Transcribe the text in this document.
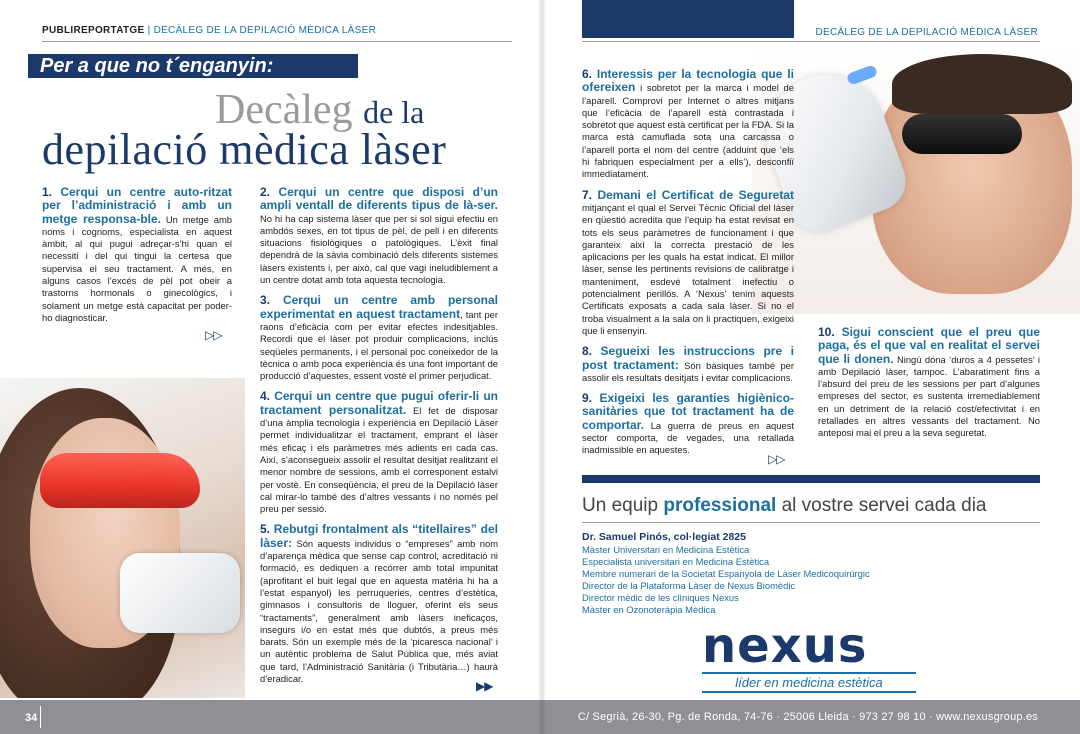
PUBLIREPORTATGE | DECÀLEG DE LA DEPILACIÓ MÈDICA LÀSER
Per a que no t´enganyin:
Decàleg de la
depilació mèdica làser
1. Cerqui un centre auto-ritzat per l’administració i amb un metge responsa-ble. Un metge amb noms i cognoms, especialista en aquest àmbit, al qui pugui adreçar-s’hi quan el necessiti i del qui tingui la certesa que supervisa el seu tractament. A més, en alguns casos l’excés de pèl pot obeir a trastorns hormonals o ginecològics, i solament un metge està capacitat per poder-ho diagnosticar.
▷▷
2. Cerqui un centre que disposi d’un ampli ventall de diferents tipus de là-ser. No hi ha cap sistema làser que per si sol sigui efectiu en ambdós sexes, en tot tipus de pèl, de pell i en diferents situacions fisiològiques o patològiques. L’èxit final dependrà de la sàvia combinació dels diferents sistemes làsers existents i, per això, cal que vagi ineludiblement a un centre dotat amb tota aquesta tecnologia.
3. Cerqui un centre amb personal experimentat en aquest tractament, tant per raons d’eficàcia com per evitar efectes indesitjables. Recordi que el làser pot produir complicacions, inclús seqüeles permanents, i el personal poc coneixedor de la tècnica o amb poca experiència és una font important de producció d’aquestes, essent vostè el primer perjudicat.
4. Cerqui un centre que pugui oferir-li un tractament personalitzat. El fet de disposar d’una àmplia tecnologia i experiència en Depilació Làser permet individualitzar el tractament, emprant el làser més eficaç i els paràmetres més adients en cada cas. Així, s’aconsegueix assolir el resultat desitjat realitzant el menor nombre de sessions, amb el corresponent estalvi per vostè. En conseqüència, el preu de la Depilació làser cal mirar-lo també des d’altres vessants i no només pel preu per sessió.
5. Rebutgi frontalment als “titellaires” del làser: Són aquests individus o “empreses” amb nom d’aparença mèdica que sense cap control, acreditació ni formació, es dediquen a recórrer amb total impunitat (aprofitant el buit legal que en aquesta matèria hi ha a l’estat espanyol) les perruqueries, centres d’estètica, gimnasos i consultoris de lloguer, oferint els seus “tractaments”, generalment amb làsers ineficaços, insegurs i/o en estat més que dubtós, a preus més barats. Són un exemple més de la ‘picaresca nacional’ i un autèntic problema de Salut Pública que, més aviat que tard, l’Administració Sanitària (i Tributària…) haurà d’eradicar.
▶▶
DECÀLEG DE LA DEPILACIÓ MÈDICA LÀSER
6. Interessis per la tecnologia que li ofereixen i sobretot per la marca i model de l’aparell. Comprovi per Internet o altres mitjans que l’eficàcia de l’aparell està contrastada i sobretot que aquest està certificat per la FDA. Si la marca està camuflada sota una carcassa o l’aparell porta el nom del centre (adduint que ‘els hi fabriquen especialment per a ells’), desconfiï immediatament.
7. Demani el Certificat de Seguretat mitjançant el qual el Servei Tècnic Oficial del làser en qüestió acredita que l’equip ha estat revisat en tots els seus paràmetres de funcionament i que garanteix així la correcta prestació de les aplicacions per les quals ha estat indicat. El millor làser, sense les pertinents revisions de calibratge i manteniment, esdevé totalment inefectiu o potencialment perillós. A ‘Nexus’ tenim aquests Certificats exposats a cada sala làser. Si no el troba visualment a la sala on li practiquen, exigeixi que li ensenyin.
8. Segueixi les instruccions pre i post tractament: Són bàsiques també per assolir els resultats desitjats i evitar complicacions.
9. Exigeixi les garanties higiènico-sanitàries que tot tractament ha de comportar. La guerra de preus en aquest sector comporta, de vegades, una retallada inadmissible en aquestes.
▷▷
10. Sigui conscient que el preu que paga, és el que val en realitat el servei que li donen. Ningú dóna ‘duros a 4 pessetes’ i amb Depilació làser, tampoc. L’abaratiment fins a l’absurd del preu de les sessions per part d’algunes empreses del sector, es sustenta irremediablement en un detriment de la relació cost/efectivitat i en retallades en altres vessants del tractament. No anteposi mai el preu a la seva seguretat.
Un equip professional al vostre servei cada dia
Dr. Samuel Pinós, col·legiat 2825
Màster Universitari en Medicina Estètica
Especialista universitari en Medicina Estètica
Membre numerari de la Societat Espanyola de Làser Medicoquirúrgic
Director de la Plataforma Làser de Nexus Biomèdic
Director mèdic de les clíniques Nexus
Màster en Ozonoteràpia Mèdica
nexus
líder en medicina estètica
34	C/ Segrià, 26-30, Pg. de Ronda, 74-76 · 25006 Lleida · 973 27 98 10 · www.nexusgroup.es
